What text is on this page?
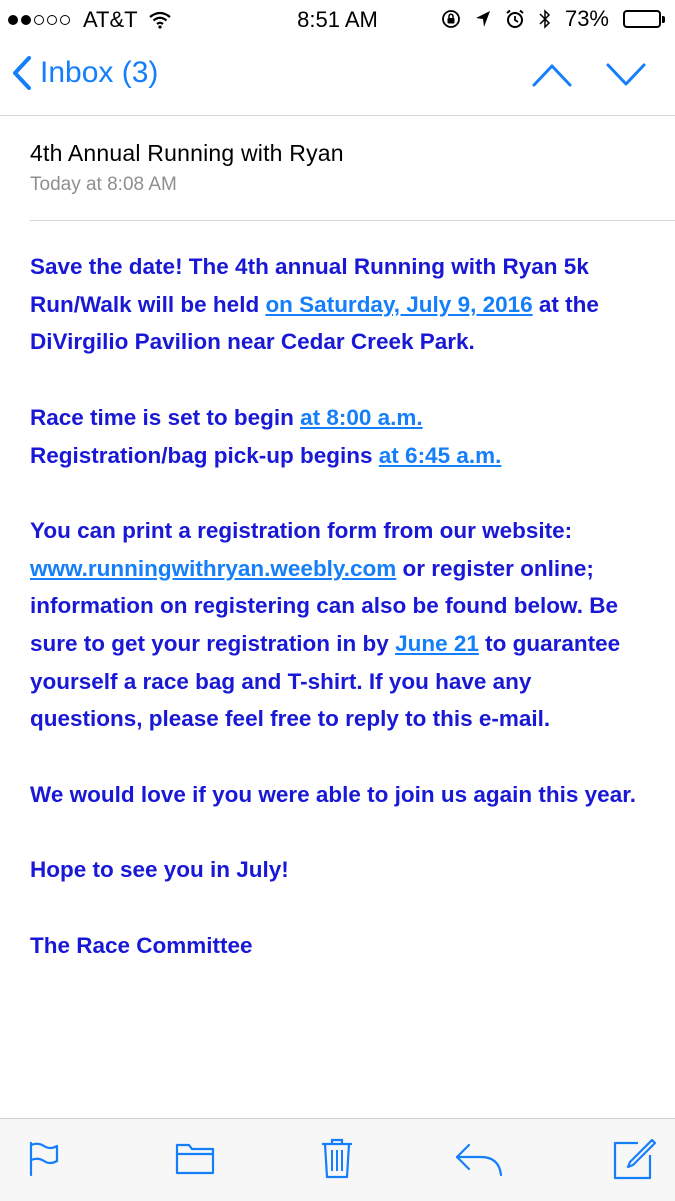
AT&T	8:51 AM	73%
Inbox (3)
4th Annual Running with Ryan
Today at 8:08 AM

Save the date! The 4th annual Running with Ryan 5k Run/Walk will be held on Saturday, July 9, 2016 at the DiVirgilio Pavilion near Cedar Creek Park.

Race time is set to begin at 8:00 a.m.
Registration/bag pick-up begins at 6:45 a.m.

You can print a registration form from our website: www.runningwithryan.weebly.com or register online; information on registering can also be found below. Be sure to get your registration in by June 21 to guarantee yourself a race bag and T-shirt. If you have any questions, please feel free to reply to this e-mail.

We would love if you were able to join us again this year.

Hope to see you in July!

The Race Committee
